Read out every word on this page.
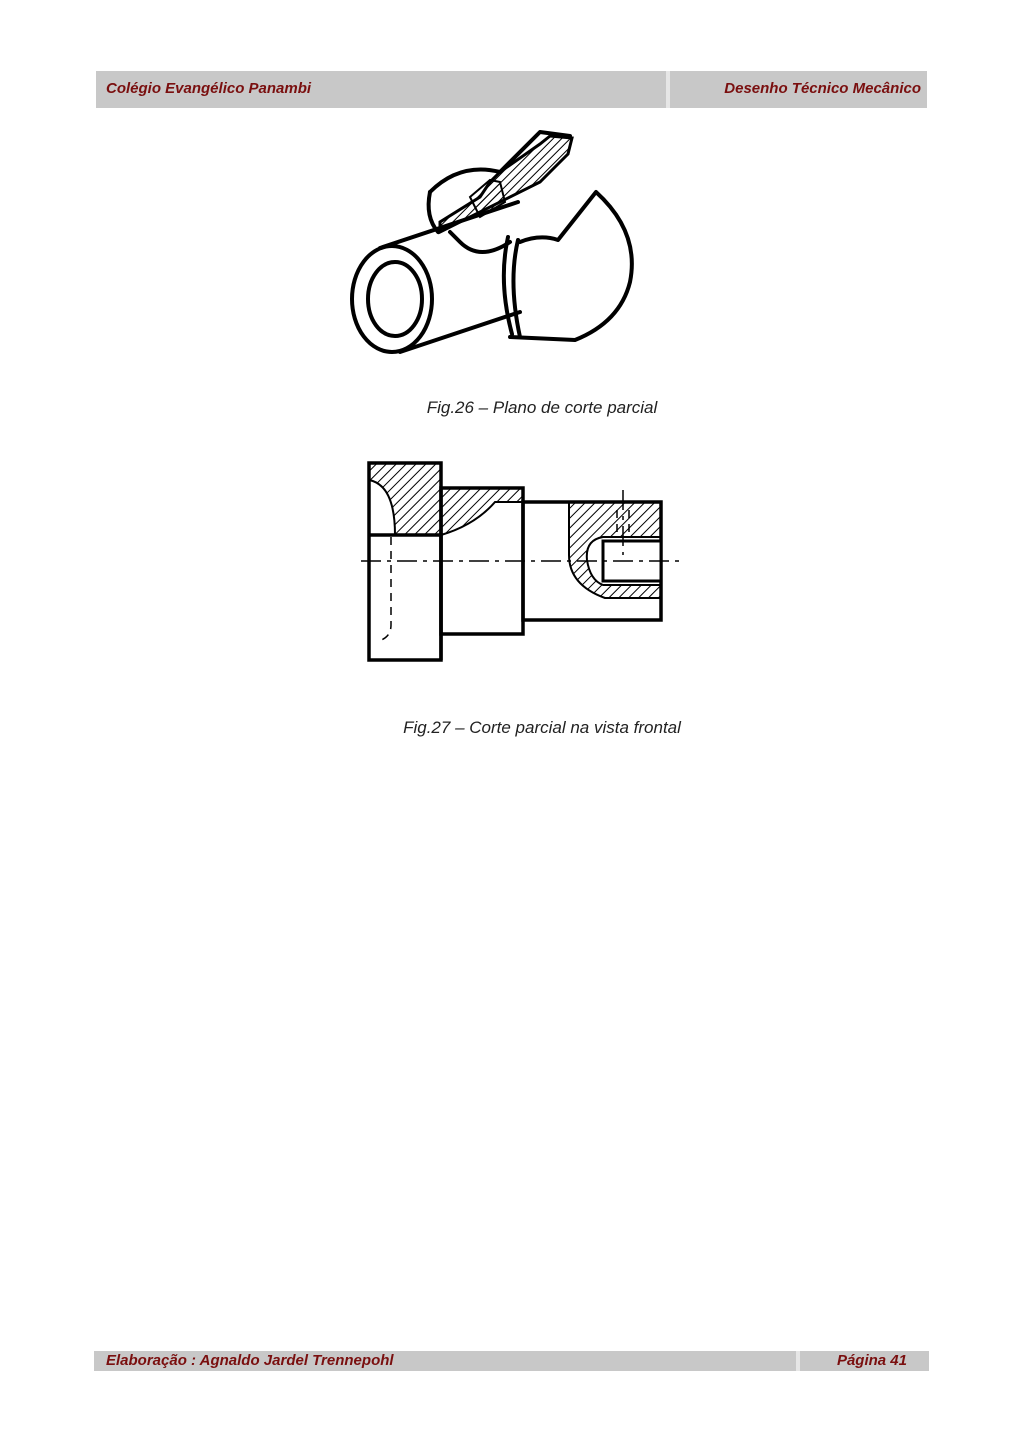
Colégio Evangélico Panambi	Desenho Técnico Mecânico
Fig.26 – Plano de corte parcial
Fig.27 – Corte parcial na vista frontal
Elaboração : Agnaldo Jardel Trennepohl	Página 41
